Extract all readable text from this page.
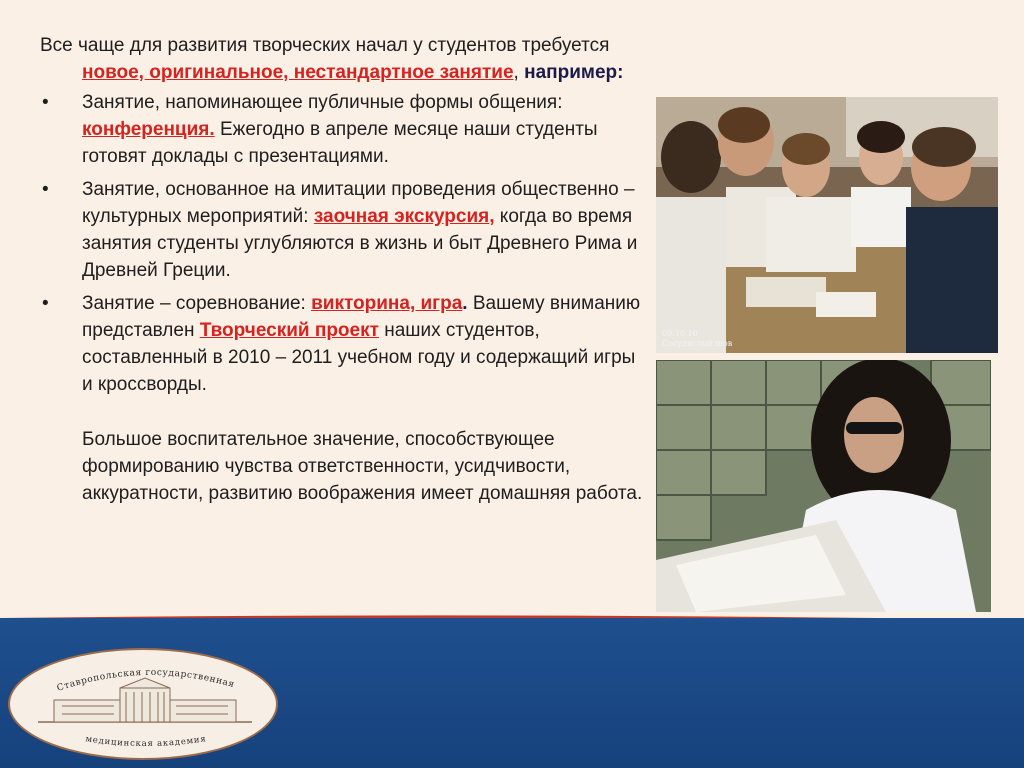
Все чаще для развития творческих начал у студентов требуется новое, оригинальное, нестандартное занятие, например:

• Занятие, напоминающее публичные формы общения: конференция. Ежегодно в апреле месяце наши студенты готовят доклады с презентациями.
• Занятие, основанное на имитации проведения общественно – культурных мероприятий: заочная экскурсия, когда во время занятия студенты углубляются в жизнь и быт Древнего Рима и Древней Греции.
• Занятие – соревнование: викторина, игра. Вашему вниманию представлен Творческий проект наших студентов, составленный в 2010 – 2011 учебном году и содержащий игры и кроссворды.

Большое воспитательное значение, способствующее формированию чувства ответственности, усидчивости, аккуратности, развитию воображения имеет домашняя работа.

09.10.10
Сосудистый шов
Ставропольская государственная
медицинская академия
